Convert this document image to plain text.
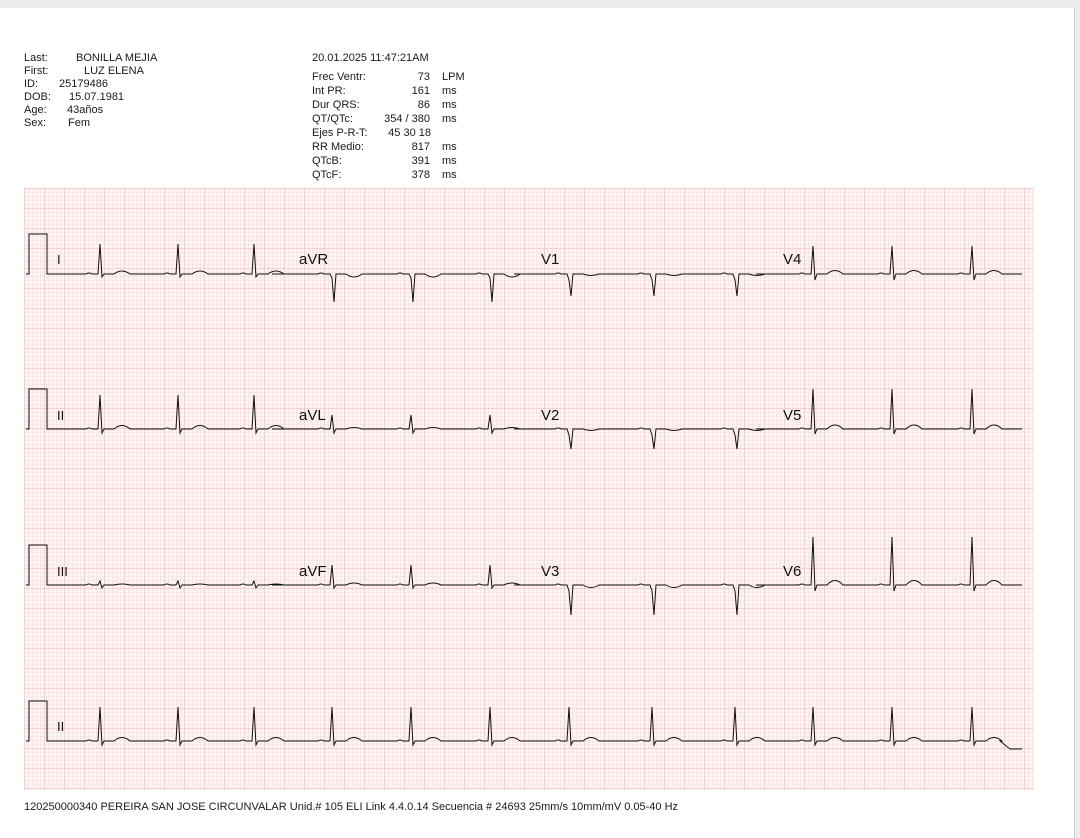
Last:	BONILLA MEJIA
First:	LUZ ELENA
ID: 25179486
DOB: 15.07.1981
Age: 43años
Sex: Fem
20.01.2025 11:47:21AM
Frec Ventr:	73 LPM
Int PR:	161 ms
Dur QRS:	86 ms
QT/QTc:	354 / 380 ms
Ejes P-R-T:	45 30 18
RR Medio:	817 ms
QTcB:	391 ms
QTcF:	378 ms
I	aVR	V1	V4
II	aVL	V2	V5
III	aVF	V3	V6
II
120250000340 PEREIRA SAN JOSE CIRCUNVALAR Unid.# 105 ELI Link 4.4.0.14 Secuencia # 24693 25mm/s 10mm/mV 0.05-40 Hz
